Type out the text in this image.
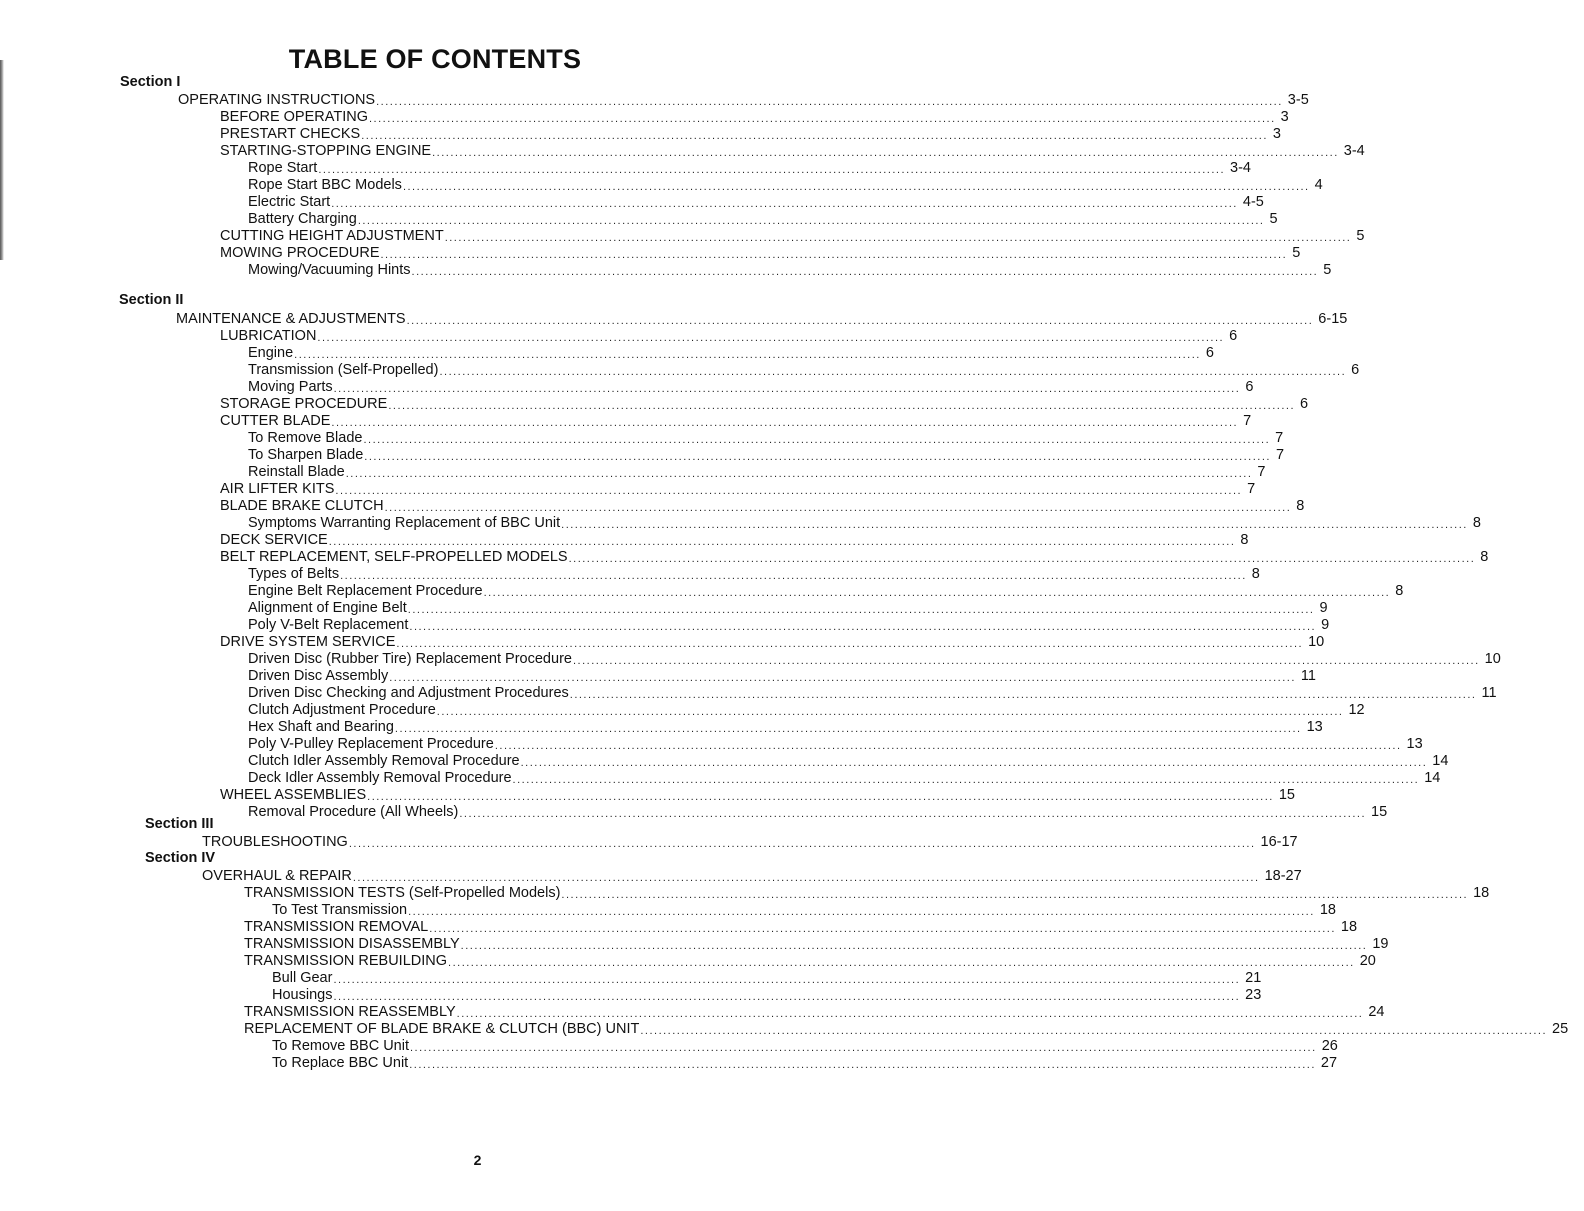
TABLE OF CONTENTS
Section I
Section II
Section III
Section IV
OPERATING INSTRUCTIONS ....................................................................................................................................................................................................... 3-5
BEFORE OPERATING ....................................................................................................................................................................................................... 3
PRESTART CHECKS ....................................................................................................................................................................................................... 3
STARTING-STOPPING ENGINE ....................................................................................................................................................................................................... 3-4
Rope Start ....................................................................................................................................................................................................... 3-4
Rope Start BBC Models ....................................................................................................................................................................................................... 4
Electric Start ....................................................................................................................................................................................................... 4-5
Battery Charging ....................................................................................................................................................................................................... 5
CUTTING HEIGHT ADJUSTMENT ....................................................................................................................................................................................................... 5
MOWING PROCEDURE ....................................................................................................................................................................................................... 5
Mowing/Vacuuming Hints ....................................................................................................................................................................................................... 5
MAINTENANCE & ADJUSTMENTS ....................................................................................................................................................................................................... 6-15
LUBRICATION ....................................................................................................................................................................................................... 6
Engine ....................................................................................................................................................................................................... 6
Transmission (Self-Propelled) ....................................................................................................................................................................................................... 6
Moving Parts ....................................................................................................................................................................................................... 6
STORAGE PROCEDURE ....................................................................................................................................................................................................... 6
CUTTER BLADE ....................................................................................................................................................................................................... 7
To Remove Blade ....................................................................................................................................................................................................... 7
To Sharpen Blade ....................................................................................................................................................................................................... 7
Reinstall Blade ....................................................................................................................................................................................................... 7
AIR LIFTER KITS ....................................................................................................................................................................................................... 7
BLADE BRAKE CLUTCH ....................................................................................................................................................................................................... 8
Symptoms Warranting Replacement of BBC Unit ....................................................................................................................................................................................................... 8
DECK SERVICE ....................................................................................................................................................................................................... 8
BELT REPLACEMENT, SELF-PROPELLED MODELS ....................................................................................................................................................................................................... 8
Types of Belts ....................................................................................................................................................................................................... 8
Engine Belt Replacement Procedure ....................................................................................................................................................................................................... 8
Alignment of Engine Belt ....................................................................................................................................................................................................... 9
Poly V-Belt Replacement ....................................................................................................................................................................................................... 9
DRIVE SYSTEM SERVICE ....................................................................................................................................................................................................... 10
Driven Disc (Rubber Tire) Replacement Procedure ....................................................................................................................................................................................................... 10
Driven Disc Assembly ....................................................................................................................................................................................................... 11
Driven Disc Checking and Adjustment Procedures ....................................................................................................................................................................................................... 11
Clutch Adjustment Procedure ....................................................................................................................................................................................................... 12
Hex Shaft and Bearing ....................................................................................................................................................................................................... 13
Poly V-Pulley Replacement Procedure ....................................................................................................................................................................................................... 13
Clutch Idler Assembly Removal Procedure ....................................................................................................................................................................................................... 14
Deck Idler Assembly Removal Procedure ....................................................................................................................................................................................................... 14
WHEEL ASSEMBLIES ....................................................................................................................................................................................................... 15
Removal Procedure (All Wheels) ....................................................................................................................................................................................................... 15
TROUBLESHOOTING ....................................................................................................................................................................................................... 16-17
OVERHAUL & REPAIR ....................................................................................................................................................................................................... 18-27
TRANSMISSION TESTS (Self-Propelled Models) ....................................................................................................................................................................................................... 18
To Test Transmission ....................................................................................................................................................................................................... 18
TRANSMISSION REMOVAL ....................................................................................................................................................................................................... 18
TRANSMISSION DISASSEMBLY ....................................................................................................................................................................................................... 19
TRANSMISSION REBUILDING ....................................................................................................................................................................................................... 20
Bull Gear ....................................................................................................................................................................................................... 21
Housings ....................................................................................................................................................................................................... 23
TRANSMISSION REASSEMBLY ....................................................................................................................................................................................................... 24
REPLACEMENT OF BLADE BRAKE & CLUTCH (BBC) UNIT ....................................................................................................................................................................................................... 25
To Remove BBC Unit ....................................................................................................................................................................................................... 26
To Replace BBC Unit ....................................................................................................................................................................................................... 27
2
